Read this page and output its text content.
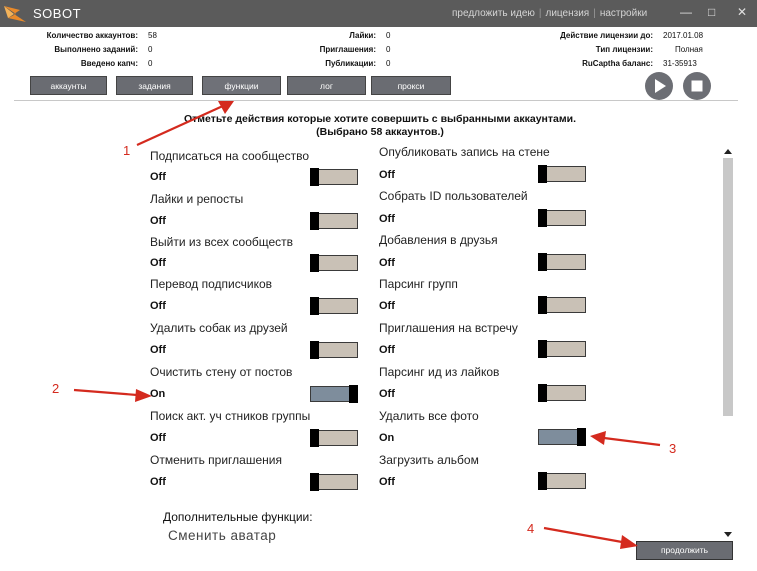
SOBOT	предложить идею | лицензия | настройки	— □ ✕
Количество аккаунтов: 58
Выполнено заданий: 0
Введено капч: 0
Лайки: 0
Приглашения: 0
Публикации: 0
Действие лицензии до: 2017.01.08
Тип лицензии:	Полная
RuCaptha баланс: 31-35913
аккаунты	задания	функции	лог	прокси
Отметьте действия которые хотите совершить с выбранными аккаунтами.
(Выбрано 58 аккаунтов.)
Подписаться на сообщество
Off
Лайки и репосты
Off
Выйти из всех сообществ
Off
Перевод подписчиков
Off
Удалить собак из друзей
Off
Очистить стену от постов
On
Поиск акт. уч стников группы
Off
Отменить приглашения
Off
Опубликовать запись на стене
Off
Собрать ID пользователей
Off
Добавления в друзья
Off
Парсинг групп
Off
Приглашения на встречу
Off
Парсинг ид из лайков
Off
Удалить все фото
On
Загрузить альбом
Off
Дополнительные функции:
Сменить аватар
продолжить
1
2
3
4
